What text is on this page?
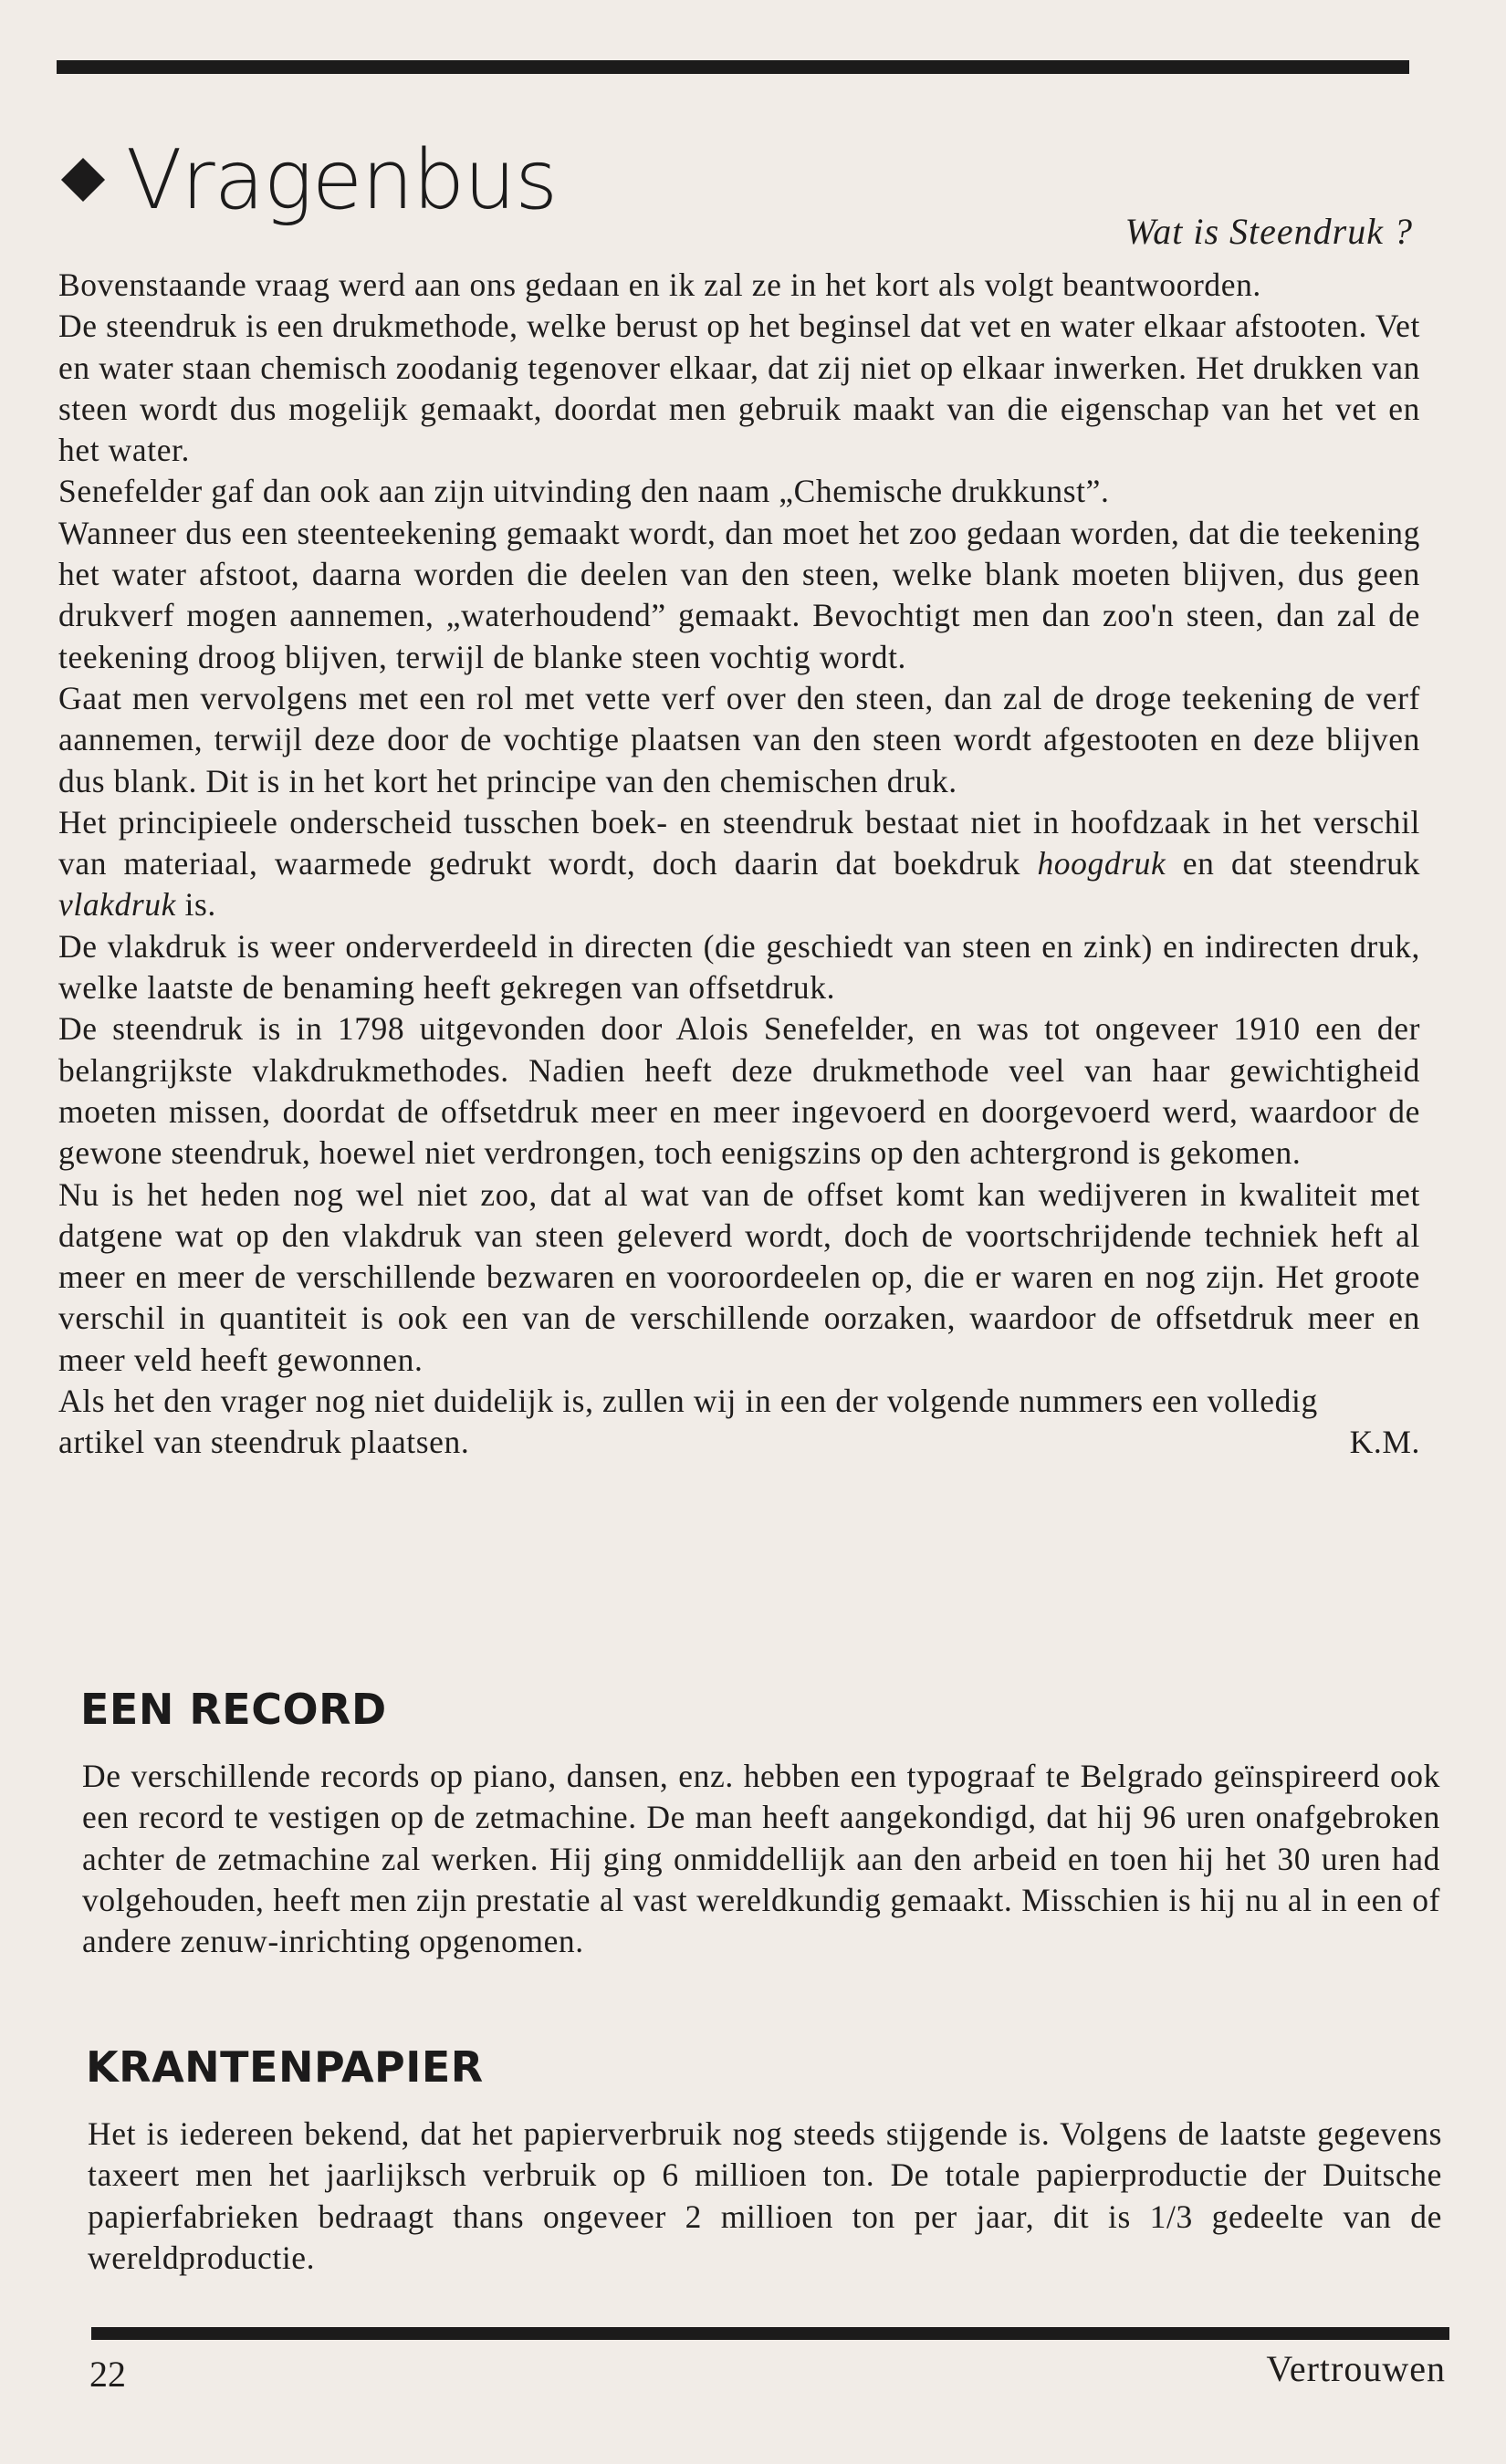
Vragenbus
Wat is Steendruk ?

Bovenstaande vraag werd aan ons gedaan en ik zal ze in het kort als volgt beantwoorden.

De steendruk is een drukmethode, welke berust op het beginsel dat vet en water elkaar afstooten. Vet en water staan chemisch zoodanig tegenover elkaar, dat zij niet op elkaar inwerken. Het drukken van steen wordt dus mogelijk gemaakt, doordat men gebruik maakt van die eigenschap van het vet en het water.

Senefelder gaf dan ook aan zijn uitvinding den naam „Chemische drukkunst”.

Wanneer dus een steenteekening gemaakt wordt, dan moet het zoo gedaan worden, dat die teekening het water afstoot, daarna worden die deelen van den steen, welke blank moeten blijven, dus geen drukverf mogen aannemen, „waterhoudend” gemaakt. Bevochtigt men dan zoo'n steen, dan zal de teekening droog blijven, terwijl de blanke steen vochtig wordt.

Gaat men vervolgens met een rol met vette verf over den steen, dan zal de droge teekening de verf aannemen, terwijl deze door de vochtige plaatsen van den steen wordt afgestooten en deze blijven dus blank. Dit is in het kort het principe van den chemischen druk.

Het principieele onderscheid tusschen boek- en steendruk bestaat niet in hoofdzaak in het verschil van materiaal, waarmede gedrukt wordt, doch daarin dat boekdruk hoogdruk en dat steendruk vlakdruk is.

De vlakdruk is weer onderverdeeld in directen (die geschiedt van steen en zink) en indirecten druk, welke laatste de benaming heeft gekregen van offsetdruk.

De steendruk is in 1798 uitgevonden door Alois Senefelder, en was tot ongeveer 1910 een der belangrijkste vlakdrukmethodes. Nadien heeft deze drukmethode veel van haar gewichtigheid moeten missen, doordat de offsetdruk meer en meer ingevoerd en doorgevoerd werd, waardoor de gewone steendruk, hoewel niet verdrongen, toch eenigszins op den achtergrond is gekomen.

Nu is het heden nog wel niet zoo, dat al wat van de offset komt kan wedijveren in kwaliteit met datgene wat op den vlakdruk van steen geleverd wordt, doch de voortschrijdende techniek heft al meer en meer de verschillende bezwaren en vooroordeelen op, die er waren en nog zijn. Het groote verschil in quantiteit is ook een van de verschillende oorzaken, waardoor de offsetdruk meer en meer veld heeft gewonnen.

Als het den vrager nog niet duidelijk is, zullen wij in een der volgende nummers een volledig artikel van steendruk plaatsen.	K.M.
EEN RECORD

De verschillende records op piano, dansen, enz. hebben een typograaf te Belgrado geïnspireerd ook een record te vestigen op de zetmachine. De man heeft aangekondigd, dat hij 96 uren onafgebroken achter de zetmachine zal werken. Hij ging onmiddellijk aan den arbeid en toen hij het 30 uren had volgehouden, heeft men zijn prestatie al vast wereldkundig gemaakt. Misschien is hij nu al in een of andere zenuw-inrichting opgenomen.

KRANTENPAPIER

Het is iedereen bekend, dat het papierverbruik nog steeds stijgende is. Volgens de laatste gegevens taxeert men het jaarlijksch verbruik op 6 millioen ton. De totale papierproductie der Duitsche papierfabrieken bedraagt thans ongeveer 2 millioen ton per jaar, dit is 1/3 gedeelte van de wereldproductie.

22	Vertrouwen
